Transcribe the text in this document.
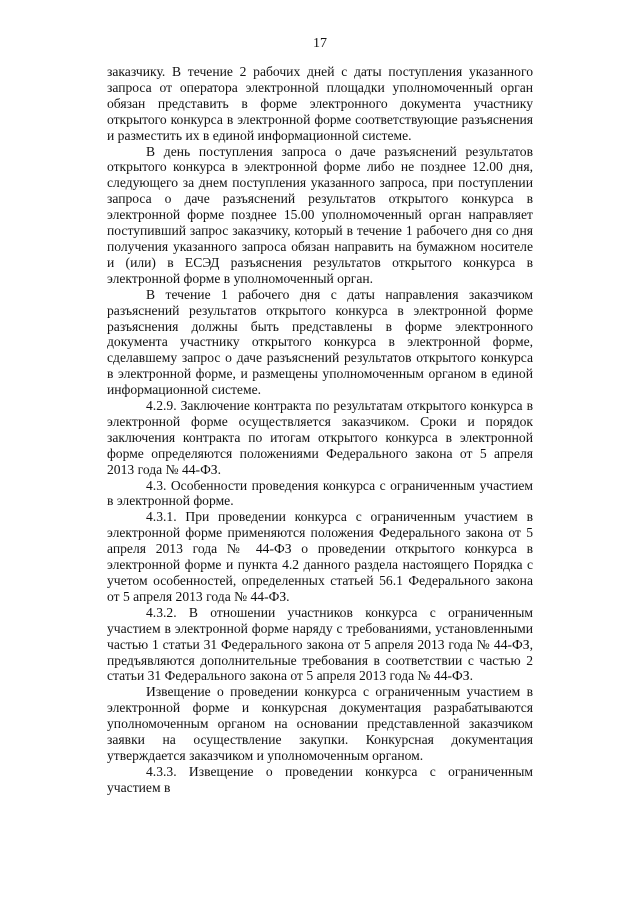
17

заказчику. В течение 2 рабочих дней с даты поступления указанного запроса от оператора электронной площадки уполномоченный орган обязан представить в форме электронного документа участнику открытого конкурса в электронной форме соответствующие разъяснения и разместить их в единой информационной системе.

В день поступления запроса о даче разъяснений результатов открытого конкурса в электронной форме либо не позднее 12.00 дня, следующего за днем поступления указанного запроса, при поступлении запроса о даче разъяснений результатов открытого конкурса в электронной форме позднее 15.00 уполномоченный орган направляет поступивший запрос заказчику, который в течение 1 рабочего дня со дня получения указанного запроса обязан направить на бумажном носителе и (или) в ЕСЭД разъяснения результатов открытого конкурса в электронной форме в уполномоченный орган.

В течение 1 рабочего дня с даты направления заказчиком разъяснений результатов открытого конкурса в электронной форме разъяснения должны быть представлены в форме электронного документа участнику открытого конкурса в электронной форме, сделавшему запрос о даче разъяснений результатов открытого конкурса в электронной форме, и размещены уполномоченным органом в единой информационной системе.

4.2.9. Заключение контракта по результатам открытого конкурса в электронной форме осуществляется заказчиком. Сроки и порядок заключения контракта по итогам открытого конкурса в электронной форме определяются положениями Федерального закона от 5 апреля 2013 года № 44-ФЗ.

4.3. Особенности проведения конкурса с ограниченным участием в электронной форме.

4.3.1. При проведении конкурса с ограниченным участием в электронной форме применяются положения Федерального закона от 5 апреля 2013 года № 44-ФЗ о проведении открытого конкурса в электронной форме и пункта 4.2 данного раздела настоящего Порядка с учетом особенностей, определенных статьей 56.1 Федерального закона от 5 апреля 2013 года № 44-ФЗ.

4.3.2. В отношении участников конкурса с ограниченным участием в электронной форме наряду с требованиями, установленными частью 1 статьи 31 Федерального закона от 5 апреля 2013 года № 44-ФЗ, предъявляются дополнительные требования в соответствии с частью 2 статьи 31 Федерального закона от 5 апреля 2013 года № 44-ФЗ.

Извещение о проведении конкурса с ограниченным участием в электронной форме и конкурсная документация разрабатываются уполномоченным органом на основании представленной заказчиком заявки на осуществление закупки. Конкурсная документация утверждается заказчиком и уполномоченным органом.

4.3.3. Извещение о проведении конкурса с ограниченным участием в
